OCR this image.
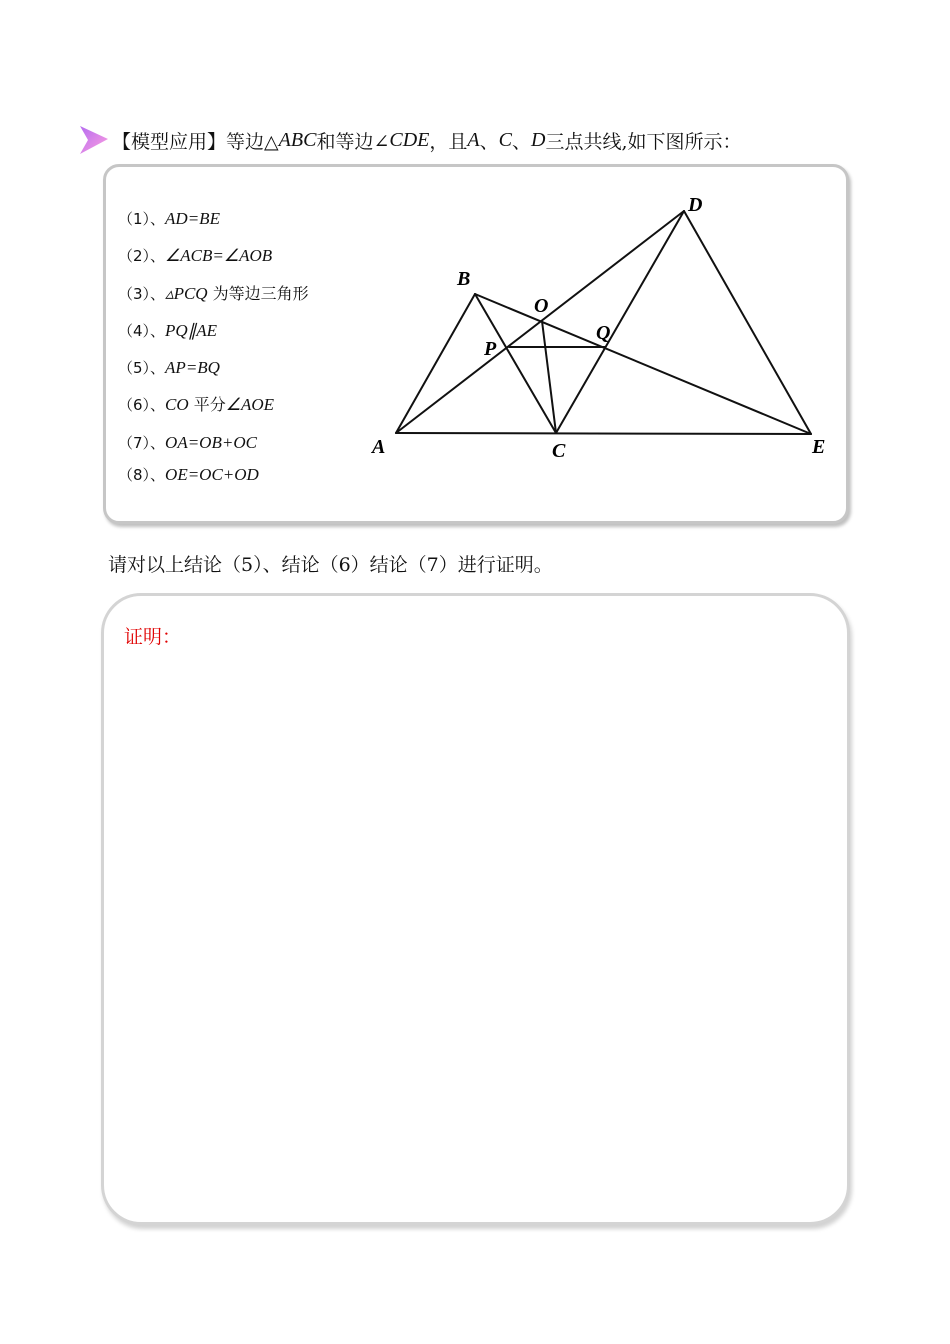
【 模型应用 】 等边△ ABC 和等边∠ CDE ，且 A 、 C 、 D 三点共线,如下图所示：
（1）、AD=BE
（2）、∠ACB=∠AOB
（3）、▵PCQ 为等边三角形
（4）、PQ∥AE
（5）、AP=BQ
（6）、CO 平分∠AOE
（7）、OA=OB+OC
（8）、OE=OC+OD
A
B
C
D
E
O
P
Q
请对以上结论（5）、结论（6）结论（7）进行证明。
证明：
